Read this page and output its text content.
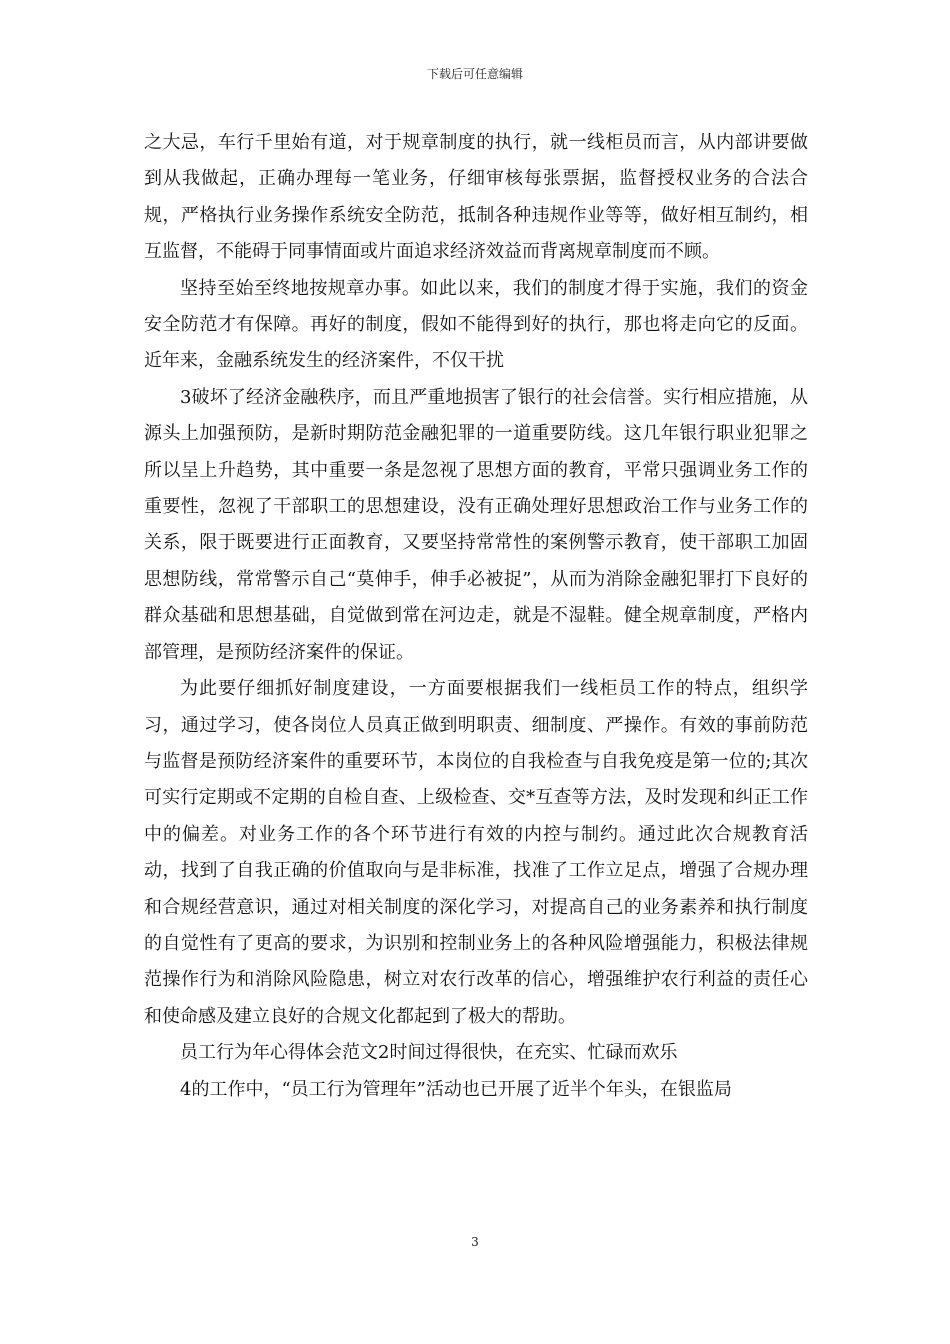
下载后可任意编辑

之大忌，车行千里始有道，对于规章制度的执行，就一线柜员而言，从内部讲要做到从我做起，正确办理每一笔业务，仔细审核每张票据，监督授权业务的合法合规，严格执行业务操作系统安全防范，抵制各种违规作业等等，做好相互制约，相互监督，不能碍于同事情面或片面追求经济效益而背离规章制度而不顾。

坚持至始至终地按规章办事。如此以来，我们的制度才得于实施，我们的资金安全防范才有保障。再好的制度，假如不能得到好的执行，那也将走向它的反面。近年来，金融系统发生的经济案件，不仅干扰

3破坏了经济金融秩序，而且严重地损害了银行的社会信誉。实行相应措施，从源头上加强预防，是新时期防范金融犯罪的一道重要防线。这几年银行职业犯罪之所以呈上升趋势，其中重要一条是忽视了思想方面的教育，平常只强调业务工作的重要性，忽视了干部职工的思想建设，没有正确处理好思想政治工作与业务工作的关系，限于既要进行正面教育，又要坚持常常性的案例警示教育，使干部职工加固思想防线，常常警示自己“莫伸手，伸手必被捉”，从而为消除金融犯罪打下良好的群众基础和思想基础，自觉做到常在河边走，就是不湿鞋。健全规章制度，严格内部管理，是预防经济案件的保证。

为此要仔细抓好制度建设，一方面要根据我们一线柜员工作的特点，组织学习，通过学习，使各岗位人员真正做到明职责、细制度、严操作。有效的事前防范与监督是预防经济案件的重要环节，本岗位的自我检查与自我免疫是第一位的;其次可实行定期或不定期的自检自查、上级检查、交*互查等方法，及时发现和纠正工作中的偏差。对业务工作的各个环节进行有效的内控与制约。通过此次合规教育活动，找到了自我正确的价值取向与是非标准，找准了工作立足点，增强了合规办理和合规经营意识，通过对相关制度的深化学习，对提高自己的业务素养和执行制度的自觉性有了更高的要求，为识别和控制业务上的各种风险增强能力，积极法律规范操作行为和消除风险隐患，树立对农行改革的信心，增强维护农行利益的责任心和使命感及建立良好的合规文化都起到了极大的帮助。

员工行为年心得体会范文2时间过得很快，在充实、忙碌而欢乐

4的工作中，“员工行为管理年”活动也已开展了近半个年头，在银监局

3
